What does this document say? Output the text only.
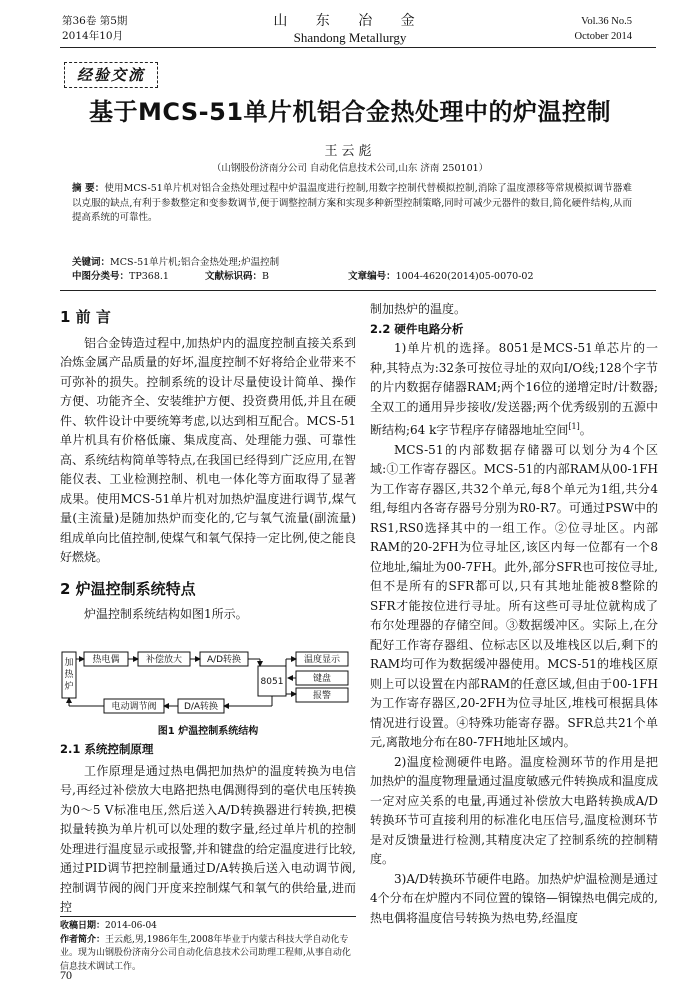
第36卷 第5期
2014年10月
山 东 冶 金
Shandong Metallurgy
Vol.36 No.5
October 2014
经验交流
基于MCS-51单片机铝合金热处理中的炉温控制
王云彪
（山钢股份济南分公司 自动化信息技术公司,山东 济南 250101）
摘 要：使用MCS-51单片机对铝合金热处理过程中炉温温度进行控制,用数字控制代替模拟控制,消除了温度漂移等常规模拟调节器难以克服的缺点,有利于参数整定和变参数调节,便于调整控制方案和实现多种新型控制策略,同时可减少元器件的数目,简化硬件结构,从而提高系统的可靠性。
关键词：MCS-51单片机;铝合金热处理;炉温控制
中图分类号：TP368.1	文献标识码：B	文章编号：1004-4620(2014)05-0070-02
1 前 言

铝合金铸造过程中,加热炉内的温度控制直接关系到冶炼金属产品质量的好坏,温度控制不好将给企业带来不可弥补的损失。控制系统的设计尽量使设计简单、操作方便、功能齐全、安装维护方便、投资费用低,并且在硬件、软件设计中要统筹考虑,以达到相互配合。MCS-51单片机具有价格低廉、集成度高、处理能力强、可靠性高、系统结构简单等特点,在我国已经得到广泛应用,在智能仪表、工业检测控制、机电一体化等方面取得了显著成果。使用MCS-51单片机对加热炉温度进行调节,煤气量(主流量)是随加热炉而变化的,它与氧气流量(副流量)组成单向比值控制,使煤气和氧气保持一定比例,使之能良好燃烧。

2 炉温控制系统特点

炉温控制系统结构如图1所示。

加
热
炉
热电偶	补偿放大	A/D转换
8051
温度显示
键盘
报警
D/A转换
电动调节阀
图1 炉温控制系统结构
2.1 系统控制原理

工作原理是通过热电偶把加热炉的温度转换为电信号,再经过补偿放大电路把热电偶测得到的毫伏电压转换为0～5 V标准电压,然后送入A/D转换器进行转换,把模拟量转换为单片机可以处理的数字量,经过单片机的控制处理进行温度显示或报警,并和键盘的给定温度进行比较,通过PID调节把控制量通过D/A转换后送入电动调节阀,控制调节阀的阀门开度来控制煤气和氧气的供给量,进而控

收稿日期：2014-06-04
作者简介：王云彪,男,1986年生,2008年毕业于内蒙古科技大学自动化专业。现为山钢股份济南分公司自动化信息技术公司助理工程师,从事自动化信息技术调试工作。
70

制加热炉的温度。

2.2 硬件电路分析

1)单片机的选择。8051是MCS-51单芯片的一种,其特点为:32条可按位寻址的双向I/O线;128个字节的片内数据存储器RAM;两个16位的递增定时/计数器;全双工的通用异步接收/发送器;两个优秀级别的五源中断结构;64 k字节程序存储器地址空间[1]。

MCS-51的内部数据存储器可以划分为4个区域:①工作寄存器区。MCS-51的内部RAM从00-1FH为工作寄存器区,共32个单元,每8个单元为1组,共分4组,每组内各寄存器号分别为R0-R7。可通过PSW中的RS1,RS0选择其中的一组工作。②位寻址区。内部RAM的20-2FH为位寻址区,该区内每一位都有一个8位地址,编址为00-7FH。此外,部分SFR也可按位寻址,但不是所有的SFR都可以,只有其地址能被8整除的SFR才能按位进行寻址。所有这些可寻址位就构成了布尔处理器的存储空间。③数据缓冲区。实际上,在分配好工作寄存器组、位标志区以及堆栈区以后,剩下的RAM均可作为数据缓冲器使用。MCS-51的堆栈区原则上可以设置在内部RAM的任意区域,但由于00-1FH为工作寄存器区,20-2FH为位寻址区,堆栈可根据具体情况进行设置。④特殊功能寄存器。SFR总共21个单元,离散地分布在80-7FH地址区域内。

2)温度检测硬件电路。温度检测环节的作用是把加热炉的温度物理量通过温度敏感元件转换成和温度成一定对应关系的电量,再通过补偿放大电路转换成A/D转换环节可直接利用的标准化电压信号,温度检测环节是对反馈量进行检测,其精度决定了控制系统的控制精度。

3)A/D转换环节硬件电路。加热炉炉温检测是通过4个分布在炉膛内不同位置的镍铬—铜镍热电偶完成的,热电偶将温度信号转换为热电势,经温度
